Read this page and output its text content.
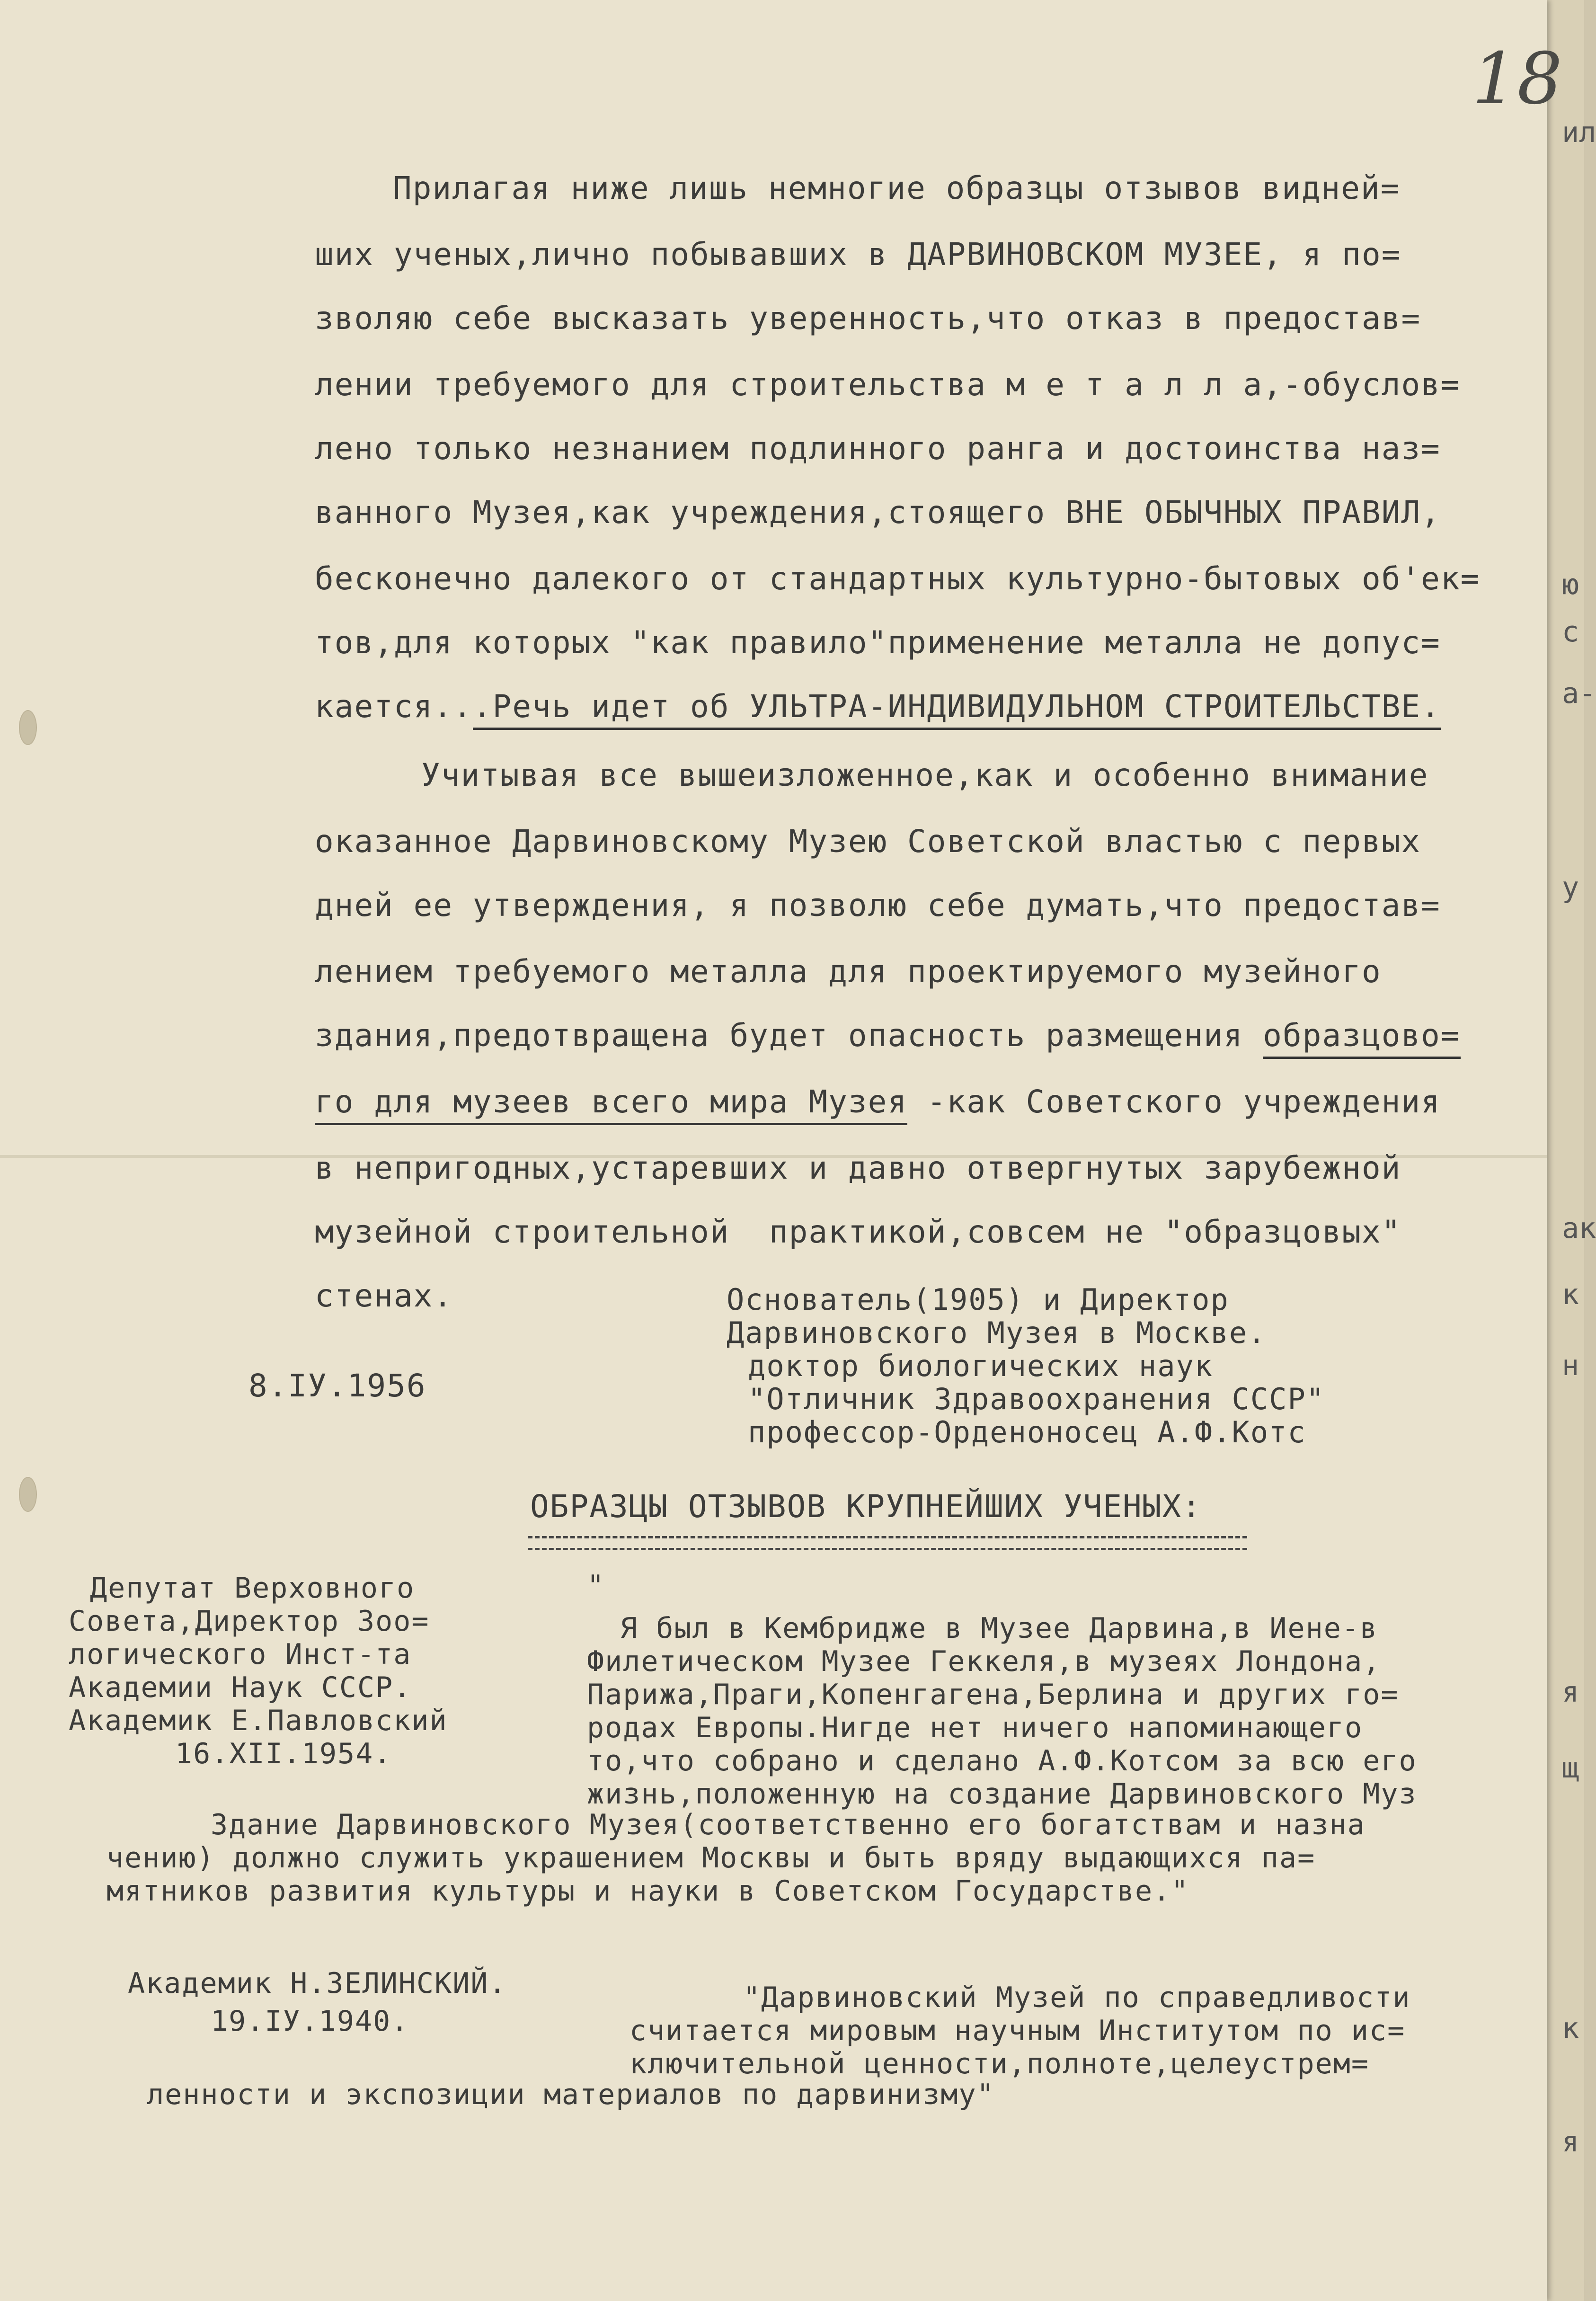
18
Прилагая ниже лишь немногие образцы отзывов видней=
ших ученых,лично побывавших в ДАРВИНОВСКОМ МУЗЕЕ, я по=
зволяю себе высказать уверенность,что отказ в предостав=
лении требуемого для строительства м е т а л л а,-обуслов=
лено только незнанием подлинного ранга и достоинства наз=
ванного Музея,как учреждения,стоящего ВНЕ ОБЫЧНЫХ ПРАВИЛ,
бесконечно далекого от стандартных культурно-бытовых об'ек=
тов,для которых "как правило"применение металла не допус=
кается...Речь идет об УЛЬТРА-ИНДИВИДУЛЬНОМ СТРОИТЕЛЬСТВЕ.
Учитывая все вышеизложенное,как и особенно внимание
оказанное Дарвиновскому Музею Советской властью с первых
дней ее утверждения, я позволю себе думать,что предостав=
лением требуемого металла для проектируемого музейного
здания,предотвращена будет опасность размещения образцово=
го для музеев всего мира Музея -как Советского учреждения
в непригодных,устаревших и давно отвергнутых зарубежной
музейной строительной  практикой,совсем не "образцовых"
стенах.	Основатель(1905) и Директор
Дарвиновского Музея в Москве.
доктор биологических наук
"Отличник Здравоохранения СССР"
профессор-Орденоносец А.Ф.Котс
8.IУ.1956
ОБРАЗЦЫ ОТЗЫВОВ КРУПНЕЙШИХ УЧЕНЫХ:
Депутат Верховного
Совета,Директор Зоо=
логического Инст-та
Академии Наук СССР.
Академик Е.Павловский
16.XII.1954.
"
Я был в Кембридже в Музее Дарвина,в Иене-в
Филетическом Музее Геккеля,в музеях Лондона,
Парижа,Праги,Копенгагена,Берлина и других го=
родах Европы.Нигде нет ничего напоминающего
то,что собрано и сделано А.Ф.Котсом за всю его
жизнь,положенную на создание Дарвиновского Муз
Здание Дарвиновского Музея(соответственно его богатствам и назна
чению) должно служить украшением Москвы и быть вряду выдающихся па=
мятников развития культуры и науки в Советском Государстве."
Академик Н.ЗЕЛИНСКИЙ.
19.IУ.1940.
"Дарвиновский Музей по справедливости
считается мировым научным Институтом по ис=
ключительной ценности,полноте,целеустрем=
ленности и экспозиции материалов по дарвинизму"
ил
ю
с
а-
у
ак
к
н
я
щ
к
я
